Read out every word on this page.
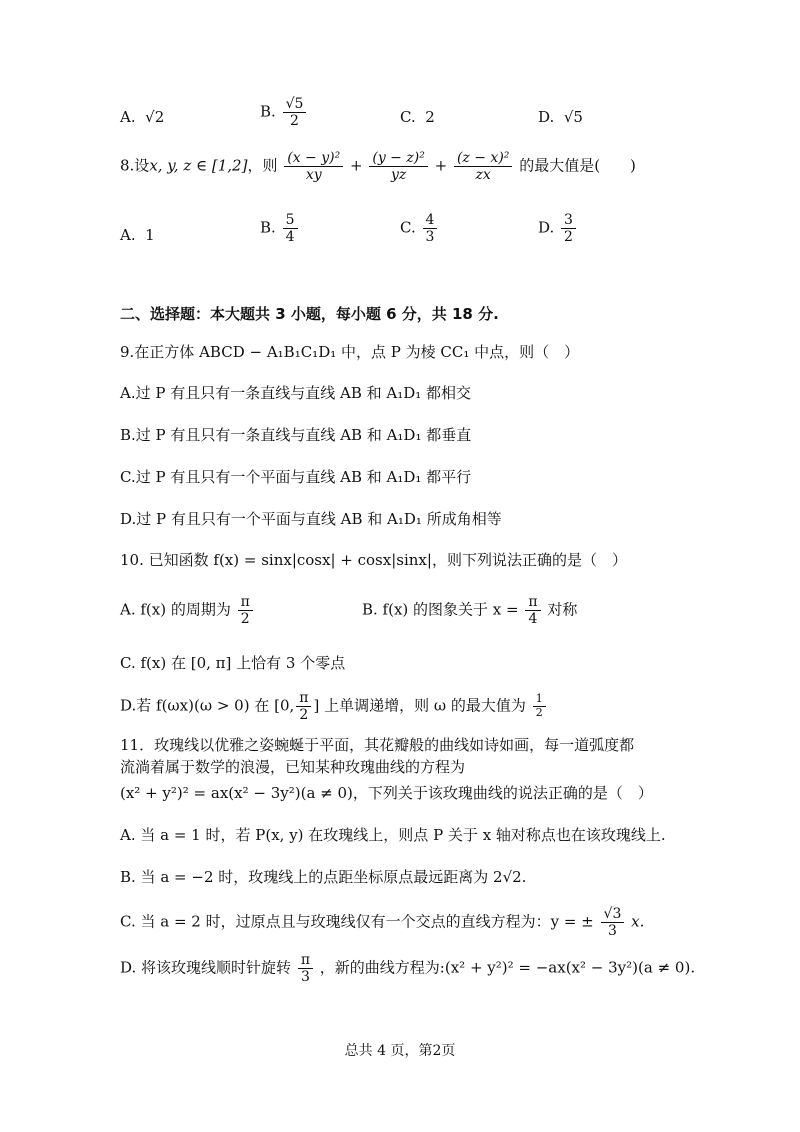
A. √2	B. $\frac{√5}{2}$	C. 2	D. √5
8.设x, y, z ∈ [1,2]，则 $\frac{\text{(x − y)²}}{xy} + \frac{\text{(y − z)²}}{yz} + \frac{\text{(z − x)²}}{zx}$ 的最大值是(　　)
A. 1	B. $\frac{5}{4}$	C. $\frac{4}{3}$	D. $\frac{3}{2}$
二、选择题：本大题共 3 小题，每小题 6 分，共 18 分.
9.在正方体 ABCD − A₁B₁C₁D₁ 中，点 P 为棱 CC₁ 中点，则（　）
A.过 P 有且只有一条直线与直线 AB 和 A₁D₁ 都相交
B.过 P 有且只有一条直线与直线 AB 和 A₁D₁ 都垂直
C.过 P 有且只有一个平面与直线 AB 和 A₁D₁ 都平行
D.过 P 有且只有一个平面与直线 AB 和 A₁D₁ 所成角相等
10. 已知函数 f(x) = sinx|cosx| + cosx|sinx|，则下列说法正确的是（　）
A. f(x) 的周期为 $\frac{\pi}{2}$	B. f(x) 的图象关于 $x = \frac{\pi}{4}$ 对称
C. f(x) 在 [0, π] 上恰有 3 个零点
D.若 f(ωx)(ω > 0) 在 [0, $\frac{\pi}{2}$ ] 上单调递增，则 ω 的最大值为 $\frac{1}{2}$
11．玫瑰线以优雅之姿蜿蜒于平面，其花瓣般的曲线如诗如画，每一道弧度都
流淌着属于数学的浪漫，已知某种玫瑰曲线的方程为
(x² + y²)² = ax(x² − 3y²)(a ≠ 0)，下列关于该玫瑰曲线的说法正确的是（　）
A. 当 a = 1 时，若 P(x, y) 在玫瑰线上，则点 P 关于 x 轴对称点也在该玫瑰线上.
B. 当 a = −2 时，玫瑰线上的点距坐标原点最远距离为 2√2.
C. 当 a = 2 时，过原点且与玫瑰线仅有一个交点的直线方程为：y = ± $\frac{√3}{3} x$.
D. 将该玫瑰线顺时针旋转 $\frac{\pi}{3}$ ，新的曲线方程为:(x² + y²)² = −ax(x² − 3y²)(a ≠ 0).
总共 4 页，第2页
